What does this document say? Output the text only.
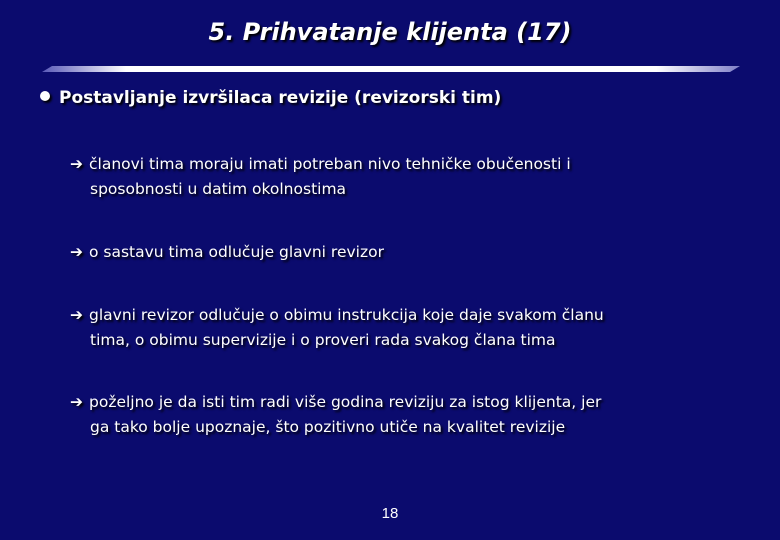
5. Prihvatanje klijenta (17)
Postavljanje izvršilaca revizije (revizorski tim)
➔ članovi tima moraju imati potreban nivo tehničke obučenosti i
sposobnosti u datim okolnostima
➔ o sastavu tima odlučuje glavni revizor
➔ glavni revizor odlučuje o obimu instrukcija koje daje svakom članu
tima, o obimu supervizije i o proveri rada svakog člana tima
➔ poželjno je da isti tim radi više godina reviziju za istog klijenta, jer
ga tako bolje upoznaje, što pozitivno utiče na kvalitet revizije
18
